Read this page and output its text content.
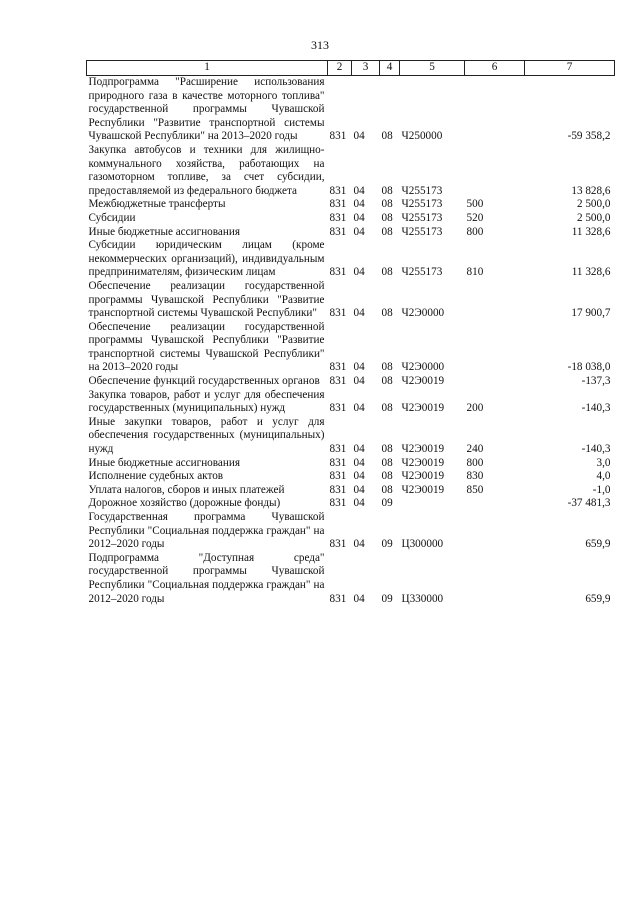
313
1	2	3	4	5	6	7
Подпрограмма "Расширение использования природного газа в качестве моторного топлива" государственной программы Чувашской Республики "Развитие транспортной системы Чувашской Республики" на 2013–2020 годы	831	04	08	Ч250000		-59 358,2
Закупка автобусов и техники для жилищно-коммунального хозяйства, работающих на газомоторном топливе, за счет субсидии, предоставляемой из федерального бюджета	831	04	08	Ч255173		13 828,6
Межбюджетные трансферты	831	04	08	Ч255173	500	2 500,0
Субсидии	831	04	08	Ч255173	520	2 500,0
Иные бюджетные ассигнования	831	04	08	Ч255173	800	11 328,6
Субсидии юридическим лицам (кроме некоммерческих организаций), индивидуальным предпринимателям, физическим лицам	831	04	08	Ч255173	810	11 328,6
Обеспечение реализации государственной программы Чувашской Республики "Развитие транспортной системы Чувашской Республики"	831	04	08	Ч2Э0000		17 900,7
Обеспечение реализации государственной программы Чувашской Республики "Развитие транспортной системы Чувашской Республики" на 2013–2020 годы	831	04	08	Ч2Э0000		-18 038,0
Обеспечение функций государственных органов	831	04	08	Ч2Э0019		-137,3
Закупка товаров, работ и услуг для обеспечения государственных (муниципальных) нужд	831	04	08	Ч2Э0019	200	-140,3
Иные закупки товаров, работ и услуг для обеспечения государственных (муниципальных) нужд	831	04	08	Ч2Э0019	240	-140,3
Иные бюджетные ассигнования	831	04	08	Ч2Э0019	800	3,0
Исполнение судебных актов	831	04	08	Ч2Э0019	830	4,0
Уплата налогов, сборов и иных платежей	831	04	08	Ч2Э0019	850	-1,0
Дорожное хозяйство (дорожные фонды)	831	04	09			-37 481,3
Государственная программа Чувашской Республики "Социальная поддержка граждан" на 2012–2020 годы	831	04	09	Ц300000		659,9
Подпрограмма "Доступная среда" государственной программы Чувашской Республики "Социальная поддержка граждан" на 2012–2020 годы	831	04	09	Ц330000		659,9
